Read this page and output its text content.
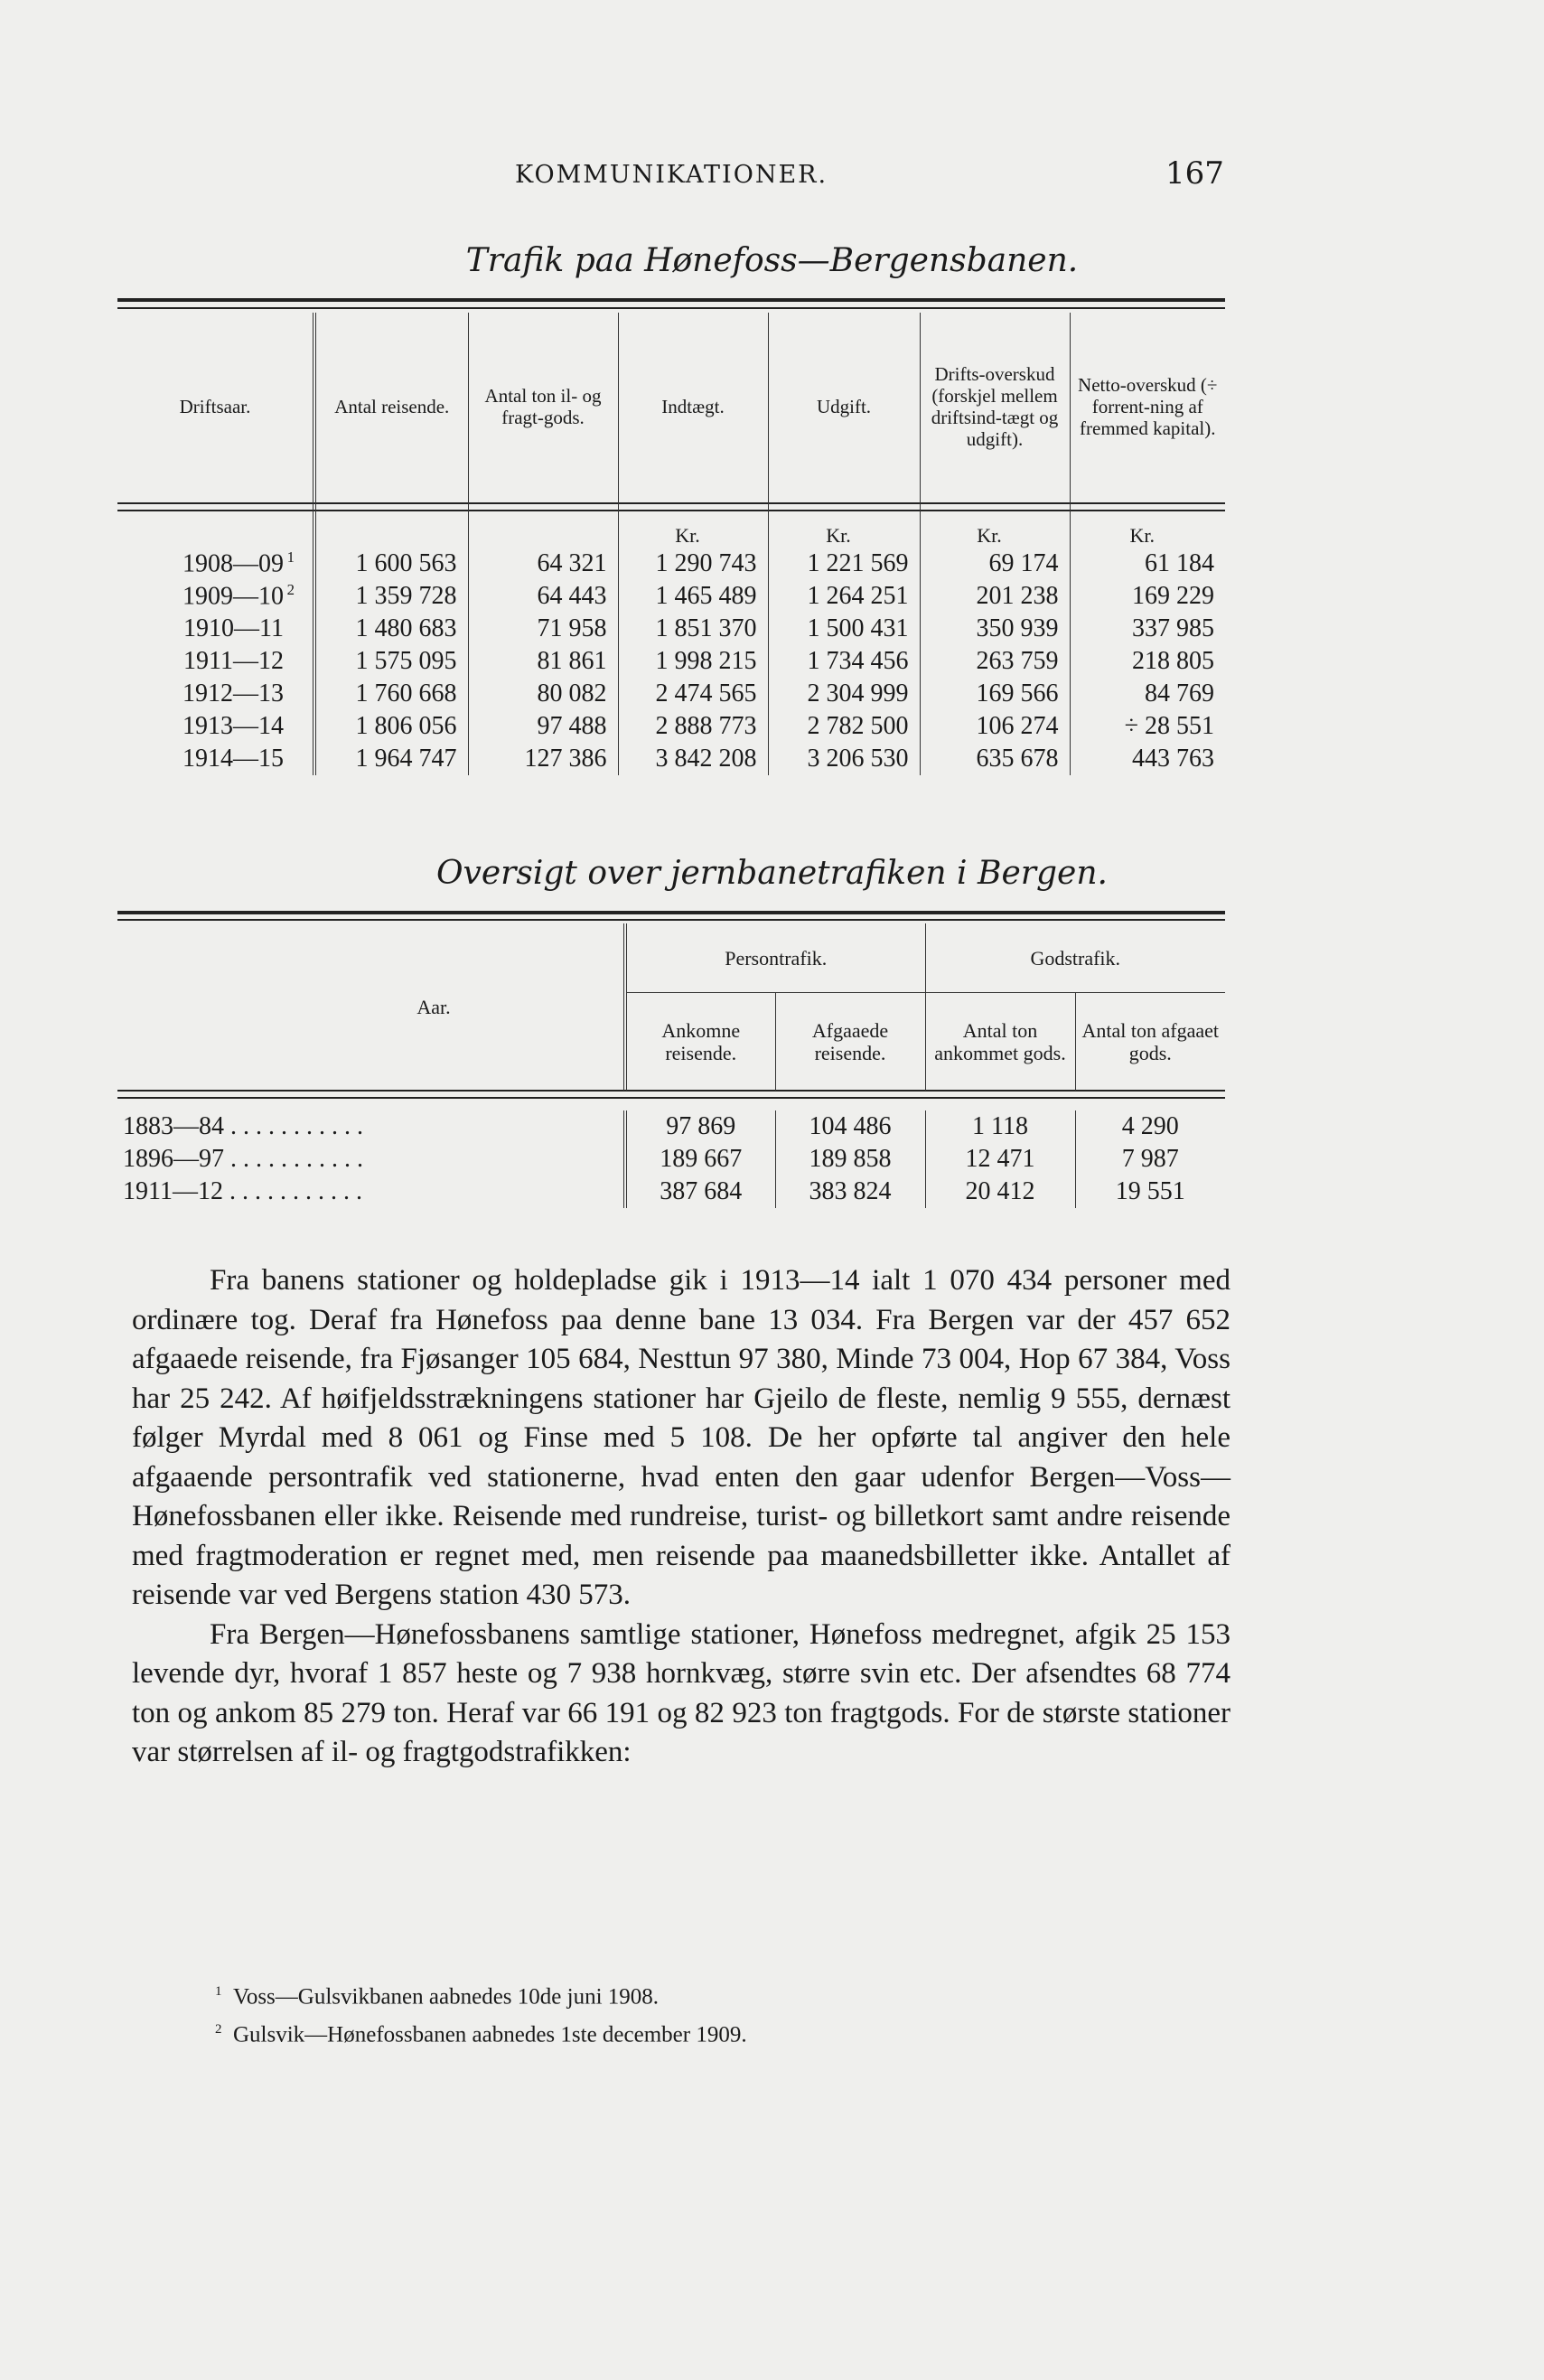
KOMMUNIKATIONER.	167
Trafik paa Hønefoss—Bergensbanen.
Driftsaar.	Antal reisende.	Antal ton il- og fragt-gods.	Indtægt.	Udgift.	Drifts-overskud (forskjel mellem driftsind-tægt og udgift).	Netto-overskud (÷ forrent-ning af fremmed kapital).
			Kr.	Kr.	Kr.	Kr.
1908—09 $^1$	1 600 563	64 321	1 290 743	1 221 569	69 174	61 184
1909—10 $^2$	1 359 728	64 443	1 465 489	1 264 251	201 238	169 229
1910—11	1 480 683	71 958	1 851 370	1 500 431	350 939	337 985
1911—12	1 575 095	81 861	1 998 215	1 734 456	263 759	218 805
1912—13	1 760 668	80 082	2 474 565	2 304 999	169 566	84 769
1913—14	1 806 056	97 488	2 888 773	2 782 500	106 274	÷ 28 551
1914—15	1 964 747	127 386	3 842 208	3 206 530	635 678	443 763
Oversigt over jernbanetrafiken i Bergen.
Aar.	Persontrafik.		Godstrafik.	
	Ankomne reisende.	Afgaaede reisende.	Antal ton ankommet gods.	Antal ton afgaaet gods.

1883—84 . . . . . . . . . . .	97 869	104 486	1 118	4 290
1896—97 . . . . . . . . . . .	189 667	189 858	12 471	7 987
1911—12 . . . . . . . . . . .	387 684	383 824	20 412	19 551

Fra banens stationer og holdepladse gik i 1913—14 ialt 1 070 434 personer med ordinære tog. Deraf fra Hønefoss paa denne bane 13 034. Fra Bergen var der 457 652 afgaaede reisende, fra Fjøsanger 105 684, Nesttun 97 380, Minde 73 004, Hop 67 384, Voss har 25 242. Af høifjeldsstrækningens stationer har Gjeilo de fleste, nemlig 9 555, dernæst følger Myrdal med 8 061 og Finse med 5 108. De her opførte tal angiver den hele afgaaende persontrafik ved stationerne, hvad enten den gaar udenfor Bergen—Voss—Hønefossbanen eller ikke. Reisende med rundreise, turist- og billetkort samt andre reisende med fragtmoderation er regnet med, men reisende paa maanedsbilletter ikke. Antallet af reisende var ved Bergens station 430 573.

Fra Bergen—Hønefossbanens samtlige stationer, Hønefoss medregnet, afgik 25 153 levende dyr, hvoraf 1 857 heste og 7 938 hornkvæg, større svin etc. Der afsendtes 68 774 ton og ankom 85 279 ton. Heraf var 66 191 og 82 923 ton fragtgods. For de største stationer var størrelsen af il- og fragtgodstrafikken:

$^1$ Voss—Gulsvikbanen aabnedes 10de juni 1908.
$^2$ Gulsvik—Hønefossbanen aabnedes 1ste december 1909.
